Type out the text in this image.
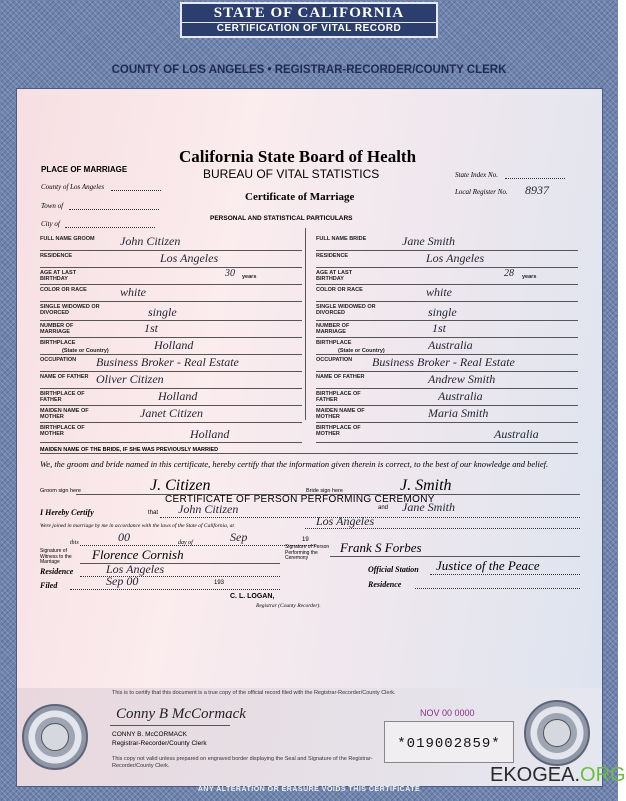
STATE OF CALIFORNIA
CERTIFICATION OF VITAL RECORD
COUNTY OF LOS ANGELES • REGISTRAR-RECORDER/COUNTY CLERK
PLACE OF MARRIAGE
County of Los Angeles
Town of
City of
California State Board of Health
BUREAU OF VITAL STATISTICS
Certificate of Marriage
PERSONAL AND STATISTICAL PARTICULARS
State Index No.
Local Register No. 8937
FULL NAME GROOM	John Citizen
RESIDENCE	Los Angeles
AGE AT LAST BIRTHDAY	30 years
COLOR OR RACE	white
SINGLE WIDOWED OR DIVORCED	single
NUMBER OF MARRIAGE	1st
BIRTHPLACE
(State or Country)	Holland
OCCUPATION	Business Broker - Real Estate
NAME OF FATHER Oliver Citizen
BIRTHPLACE OF FATHER	Holland
MAIDEN NAME OF MOTHER	Janet Citizen
BIRTHPLACE OF MOTHER	Holland
FULL NAME BRIDE	Jane Smith
RESIDENCE	Los Angeles
AGE AT LAST BIRTHDAY	28 years
COLOR OR RACE	white
SINGLE WIDOWED OR DIVORCED	single
NUMBER OF MARRIAGE	1st
BIRTHPLACE
(State or Country)	Australia
OCCUPATION	Business Broker - Real Estate
NAME OF FATHER	Andrew Smith
BIRTHPLACE OF FATHER	Australia
MAIDEN NAME OF MOTHER	Maria Smith
BIRTHPLACE OF MOTHER	Australia
MAIDEN NAME OF THE BRIDE, IF SHE WAS PREVIOUSLY MARRIED
We, the groom and bride named in this certificate, hereby certify that the information given therein is correct, to the best of our knowledge and belief.
Groom sign here	J. Citizen	Bride sign here	J. Smith
CERTIFICATE OF PERSON PERFORMING CEREMONY
I Hereby Certify	that John Citizen	and Jane Smith
Were joined in marriage by me in accordance with the laws of the State of California, at	Los Angeles
this	00	day of	Sep	19
Signature of Witness to the Marriage	Florence Cornish	Signature of Person Performing the Ceremony
Frank S Forbes
Residence	Los Angeles	Official Station Justice of the Peace
Filed	Sep 00	193	Residence
C. L. LOGAN,
Registrar (County Recorder).
This is to certify that this document is a true copy of the official record filed with the Registrar-Recorder/County Clerk.
NOV 00 0000
Conny B McCormack
CONNY B. McCORMACK
Registrar-Recorder/County Clerk
This copy not valid unless prepared on engraved border displaying the Seal and Signature of the Registrar-Recorder/County Clerk.
*019002859*
ANY ALTERATION OR ERASURE VOIDS THIS CERTIFICATE
EKOGEA.ORG
